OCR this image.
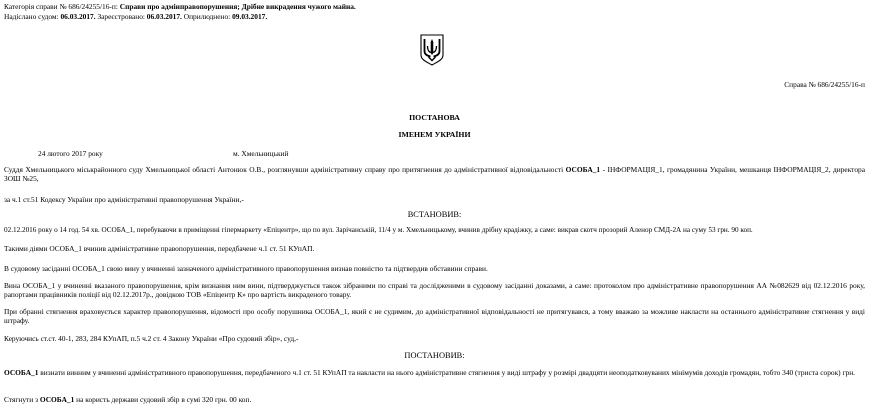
Категорія справи № 686/24255/16-п: Справи про адмінправопорушення; Дрібне викрадення чужого майна.
Надіслано судом: 06.03.2017. Зареєстровано: 06.03.2017. Оприлюднено: 09.03.2017.
Справа № 686/24255/16-п
ПОСТАНОВА
ІМЕНЕМ УКРАЇНИ
24 лютого 2017 року	м. Хмельницький
Суддя Хмельницького міськрайонного суду Хмельницької області Антонюк О.В., розглянувши адміністративну справу про притягнення до адміністративної відповідальності ОСОБА_1 - ІНФОРМАЦІЯ_1, громадянина України, мешканця ІНФОРМАЦІЯ_2, директора ЗОШ №25,
за ч.1 ст.51 Кодексу України про адміністративні правопорушення України,-
ВСТАНОВИВ:
02.12.2016 року о 14 год. 54 хв. ОСОБА_1, перебуваючи в приміщенні гіпермаркету «Епіцентр», що по вул. Зарічанській, 11/4 у м. Хмельницькому, вчинив дрібну крадіжку, а саме: викрав скотч прозорий Аленор СМД-2А на суму 53 грн. 90 коп.
Такими діями ОСОБА_1 вчинив адміністративне правопорушення, передбачене ч.1 ст. 51 КУпАП.
В судовому засіданні ОСОБА_1 свою вину у вчиненні зазначеного адміністративного правопорушення визнав повністю та підтвердив обставини справи.
Вина ОСОБА_1 у вчиненні вказаного правопорушення, крім визнання ним вини, підтверджується також зібраними по справі та дослідженими в судовому засіданні доказами, а саме: протоколом про адміністративне правопорушення АА №082629 від 02.12.2016 року, рапортами працівників поліції від 02.12.2017р., довідкою ТОВ «Епіцентр К» про вартість викраденого товару.
При обранні стягнення враховується характер правопорушення, відомості про особу порушника ОСОБА_1, який є не судимим, до адміністративної відповідальності не притягувався, а тому вважаю за можливе накласти на останнього адміністративне стягнення у виді штрафу.
Керуючись ст.ст. 40-1, 283, 284 КУпАП, п.5 ч.2 ст. 4 Закону України «Про судовий збір», суд,-
ПОСТАНОВИВ:
ОСОБА_1 визнати винним у вчиненні адміністративного правопорушення, передбаченого ч.1 ст. 51 КУпАП та накласти на нього адміністративне стягнення у виді штрафу у розмірі двадцяти неоподатковуваних мінімумів доходів громадян, тобто 340 (триста сорок) грн.
Стягнути з ОСОБА_1 на користь держави судовий збір в сумі 320 грн. 00 коп.
